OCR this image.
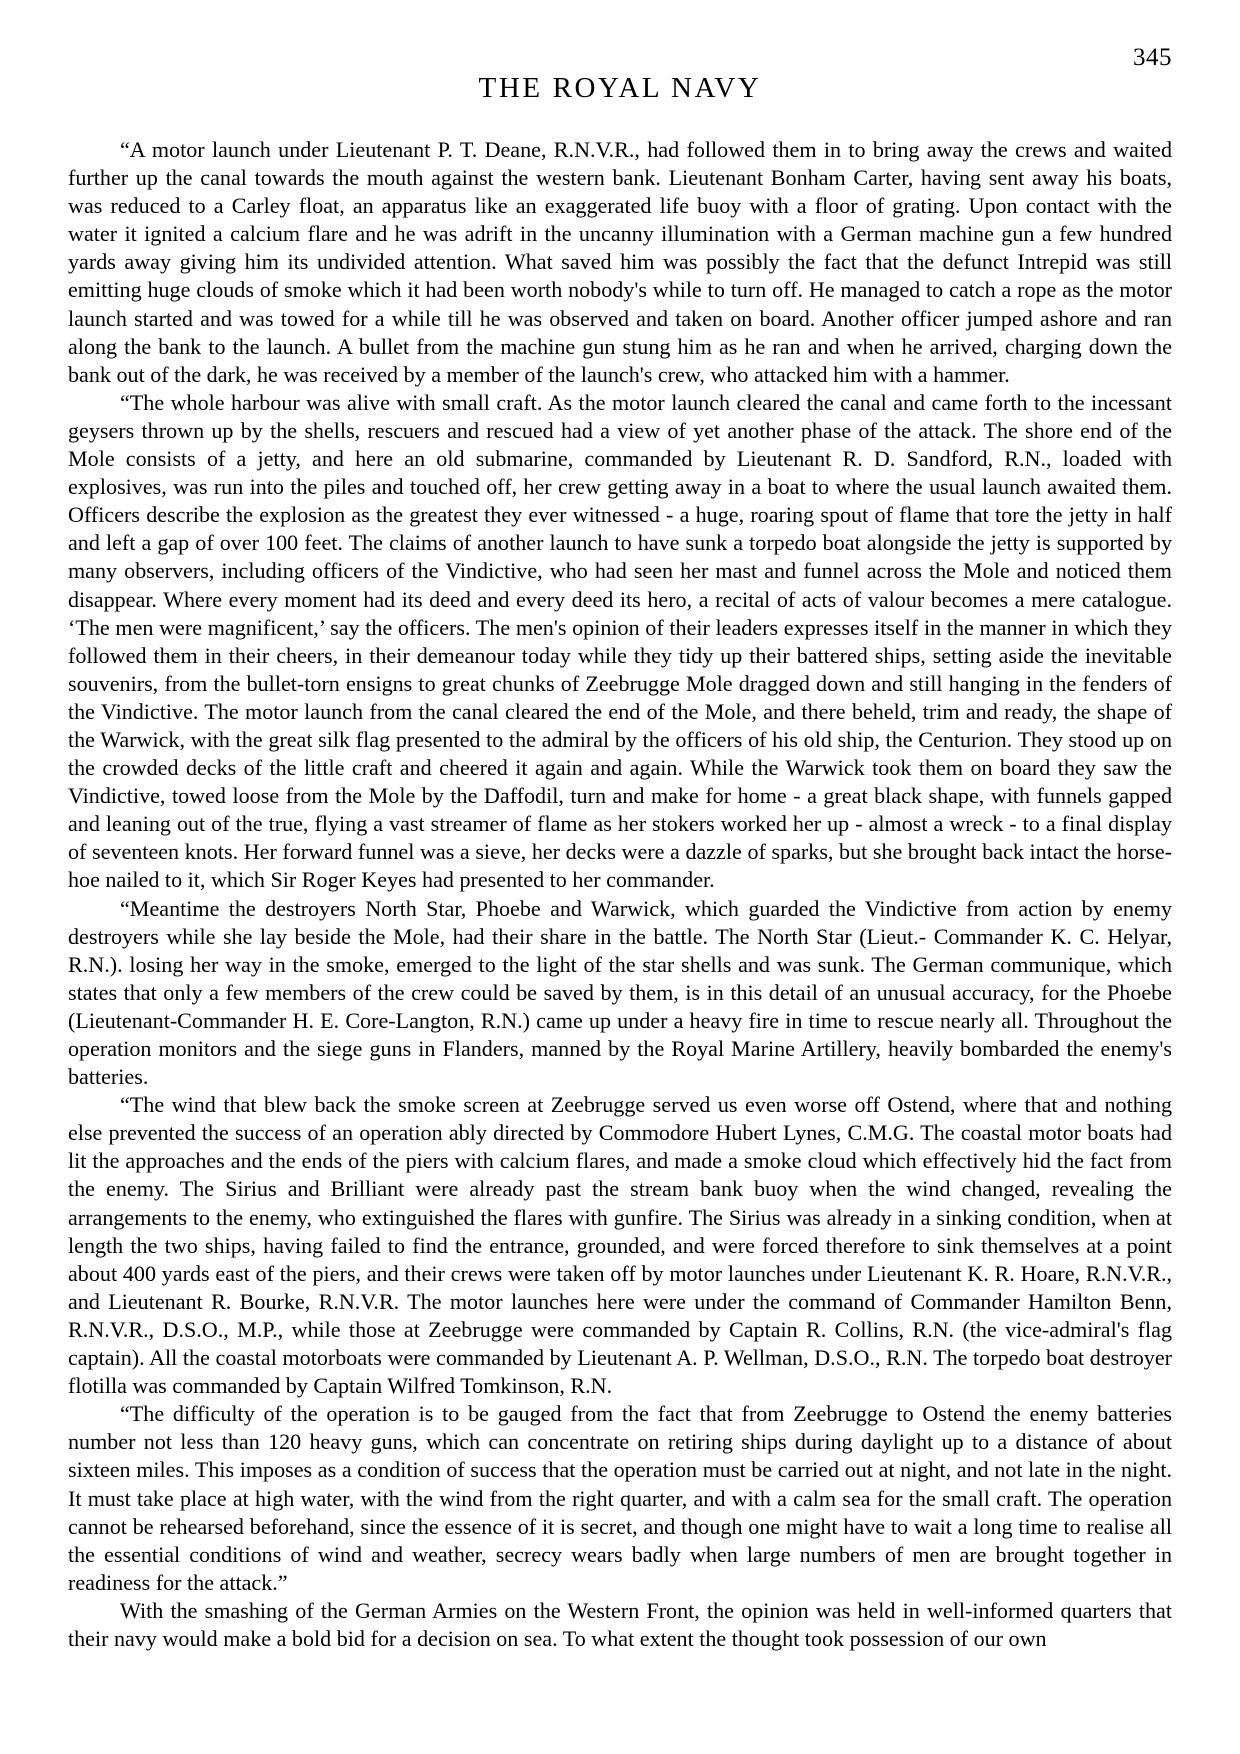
345
THE ROYAL NAVY

“A motor launch under Lieutenant P. T. Deane, R.N.V.R., had followed them in to bring away the crews and waited further up the canal towards the mouth against the western bank. Lieutenant Bonham Carter, having sent away his boats, was reduced to a Carley float, an apparatus like an exaggerated life buoy with a floor of grating. Upon contact with the water it ignited a calcium flare and he was adrift in the uncanny illumination with a German machine gun a few hundred yards away giving him its undivided attention. What saved him was possibly the fact that the defunct Intrepid was still emitting huge clouds of smoke which it had been worth nobody's while to turn off. He managed to catch a rope as the motor launch started and was towed for a while till he was observed and taken on board. Another officer jumped ashore and ran along the bank to the launch. A bullet from the machine gun stung him as he ran and when he arrived, charging down the bank out of the dark, he was received by a member of the launch's crew, who attacked him with a hammer.

“The whole harbour was alive with small craft. As the motor launch cleared the canal and came forth to the incessant geysers thrown up by the shells, rescuers and rescued had a view of yet another phase of the attack. The shore end of the Mole consists of a jetty, and here an old submarine, commanded by Lieutenant R. D. Sandford, R.N., loaded with explosives, was run into the piles and touched off, her crew getting away in a boat to where the usual launch awaited them. Officers describe the explosion as the greatest they ever witnessed - a huge, roaring spout of flame that tore the jetty in half and left a gap of over 100 feet. The claims of another launch to have sunk a torpedo boat alongside the jetty is supported by many observers, including officers of the Vindictive, who had seen her mast and funnel across the Mole and noticed them disappear. Where every moment had its deed and every deed its hero, a recital of acts of valour becomes a mere catalogue. ‘The men were magnificent,’ say the officers. The men's opinion of their leaders expresses itself in the manner in which they followed them in their cheers, in their demeanour today while they tidy up their battered ships, setting aside the inevitable souvenirs, from the bullet-torn ensigns to great chunks of Zeebrugge Mole dragged down and still hanging in the fenders of the Vindictive. The motor launch from the canal cleared the end of the Mole, and there beheld, trim and ready, the shape of the Warwick, with the great silk flag presented to the admiral by the officers of his old ship, the Centurion. They stood up on the crowded decks of the little craft and cheered it again and again. While the Warwick took them on board they saw the Vindictive, towed loose from the Mole by the Daffodil, turn and make for home - a great black shape, with funnels gapped and leaning out of the true, flying a vast streamer of flame as her stokers worked her up - almost a wreck - to a final display of seventeen knots. Her forward funnel was a sieve, her decks were a dazzle of sparks, but she brought back intact the horse-hoe nailed to it, which Sir Roger Keyes had presented to her commander.

“Meantime the destroyers North Star, Phoebe and Warwick, which guarded the Vindictive from action by enemy destroyers while she lay beside the Mole, had their share in the battle. The North Star (Lieut.- Commander K. C. Helyar, R.N.). losing her way in the smoke, emerged to the light of the star shells and was sunk. The German communique, which states that only a few members of the crew could be saved by them, is in this detail of an unusual accuracy, for the Phoebe (Lieutenant-Commander H. E. Core-Langton, R.N.) came up under a heavy fire in time to rescue nearly all. Throughout the operation monitors and the siege guns in Flanders, manned by the Royal Marine Artillery, heavily bombarded the enemy's batteries.

“The wind that blew back the smoke screen at Zeebrugge served us even worse off Ostend, where that and nothing else prevented the success of an operation ably directed by Commodore Hubert Lynes, C.M.G. The coastal motor boats had lit the approaches and the ends of the piers with calcium flares, and made a smoke cloud which effectively hid the fact from the enemy. The Sirius and Brilliant were already past the stream bank buoy when the wind changed, revealing the arrangements to the enemy, who extinguished the flares with gunfire. The Sirius was already in a sinking condition, when at length the two ships, having failed to find the entrance, grounded, and were forced therefore to sink themselves at a point about 400 yards east of the piers, and their crews were taken off by motor launches under Lieutenant K. R. Hoare, R.N.V.R., and Lieutenant R. Bourke, R.N.V.R. The motor launches here were under the command of Commander Hamilton Benn, R.N.V.R., D.S.O., M.P., while those at Zeebrugge were commanded by Captain R. Collins, R.N. (the vice-admiral's flag captain). All the coastal motorboats were commanded by Lieutenant A. P. Wellman, D.S.O., R.N. The torpedo boat destroyer flotilla was commanded by Captain Wilfred Tomkinson, R.N.

“The difficulty of the operation is to be gauged from the fact that from Zeebrugge to Ostend the enemy batteries number not less than 120 heavy guns, which can concentrate on retiring ships during daylight up to a distance of about sixteen miles. This imposes as a condition of success that the operation must be carried out at night, and not late in the night. It must take place at high water, with the wind from the right quarter, and with a calm sea for the small craft. The operation cannot be rehearsed beforehand, since the essence of it is secret, and though one might have to wait a long time to realise all the essential conditions of wind and weather, secrecy wears badly when large numbers of men are brought together in readiness for the attack.”

With the smashing of the German Armies on the Western Front, the opinion was held in well-informed quarters that their navy would make a bold bid for a decision on sea. To what extent the thought took possession of our own
